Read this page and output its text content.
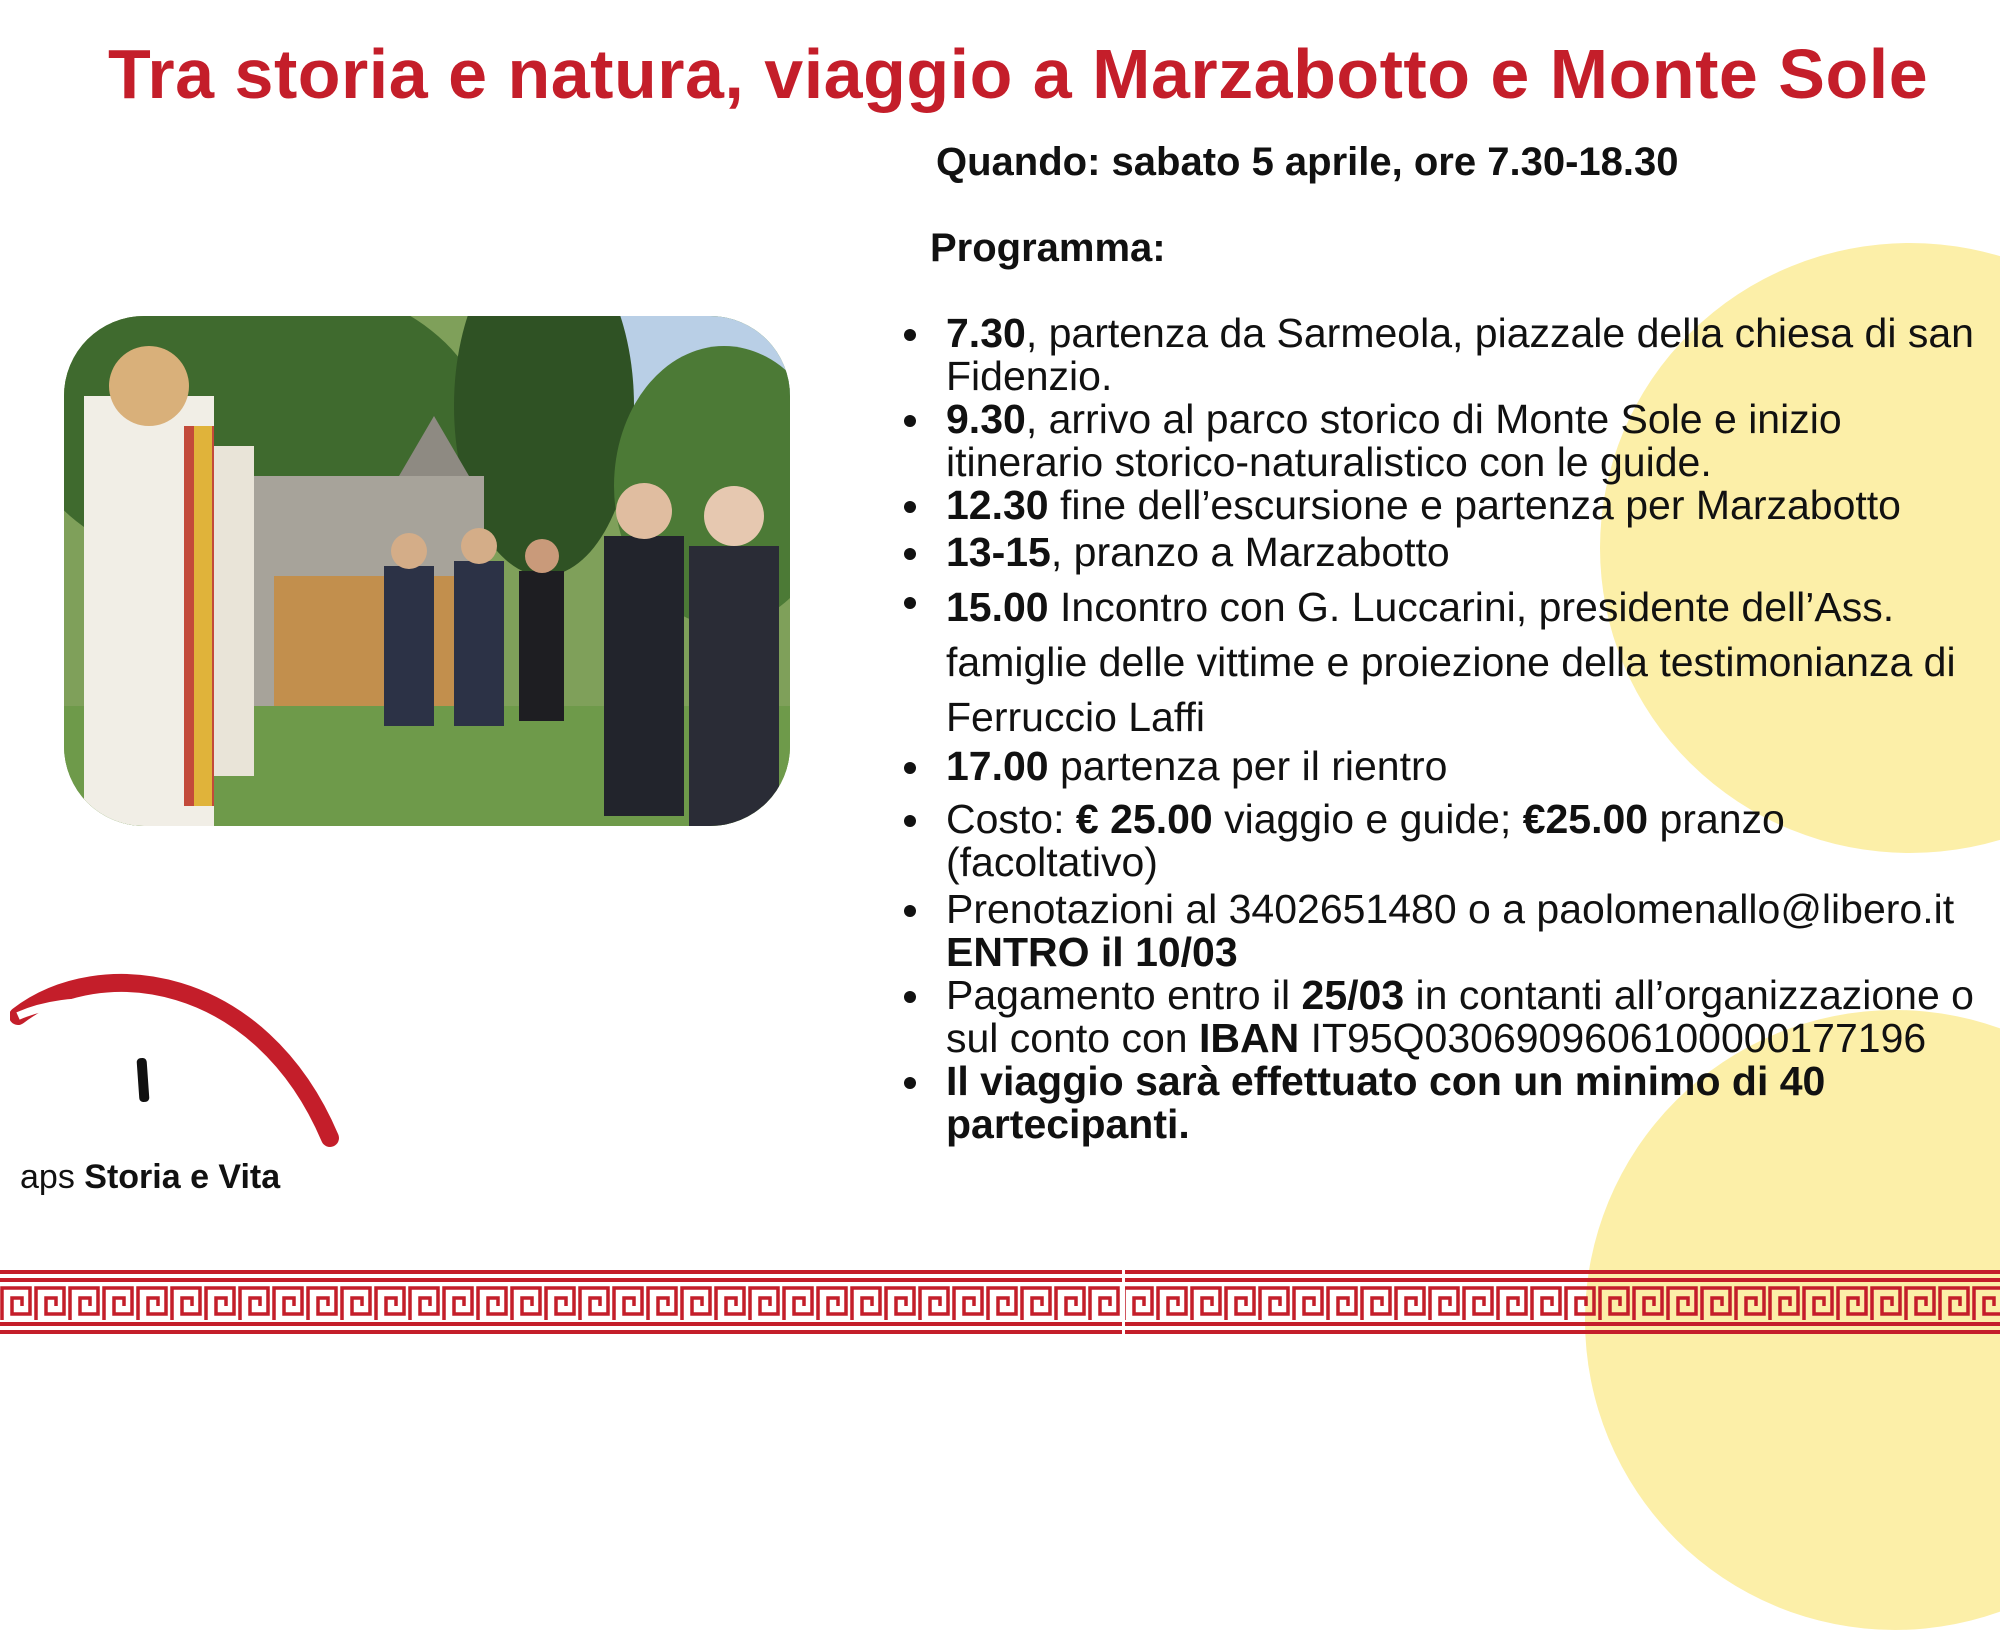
Tra storia e natura, viaggio a Marzabotto e Monte Sole

Quando: sabato 5 aprile, ore 7.30-18.30

Programma:

7.30, partenza da Sarmeola, piazzale della chiesa di san Fidenzio.
9.30, arrivo al parco storico di Monte Sole e inizio itinerario storico-naturalistico con le guide.
12.30 fine dell’escursione e partenza per Marzabotto
13-15, pranzo a Marzabotto
15.00 Incontro con G. Luccarini, presidente dell’Ass. famiglie delle vittime e proiezione della testimonianza di Ferruccio Laffi
17.00 partenza per il rientro
Costo: € 25.00 viaggio e guide; €25.00 pranzo (facoltativo)
Prenotazioni al 3402651480 o a paolomenallo@libero.it ENTRO il 10/03
Pagamento entro il 25/03 in contanti all’organizzazione o sul conto con IBAN IT95Q0306909606100000177196
Il viaggio sarà effettuato con un minimo di 40 partecipanti.
aps Storia e Vita
